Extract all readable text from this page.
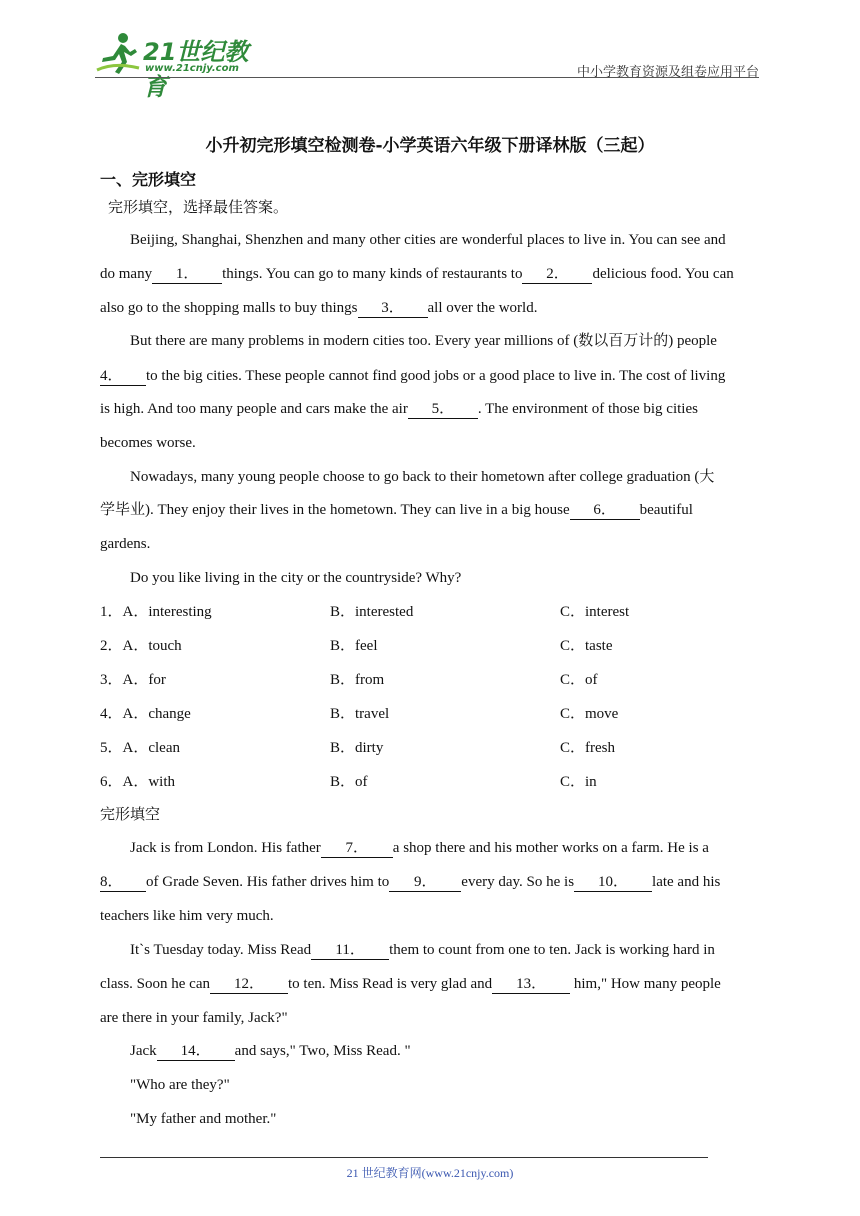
21世纪教育
www.21cnjy.com	中小学教育资源及组卷应用平台
小升初完形填空检测卷-小学英语六年级下册译林版（三起）
一、完形填空
完形填空，选择最佳答案。
Beijing, Shanghai, Shenzhen and many other cities are wonderful places to live in. You can see and
do many 1． things. You can go to many kinds of restaurants to 2． delicious food. You can
also go to the shopping malls to buy things 3． all over the world.
But there are many problems in modern cities too. Every year millions of (数以百万计的) people
4． to the big cities. These people cannot find good jobs or a good place to live in. The cost of living
is high. And too many people and cars make the air 5． . The environment of those big cities
becomes worse.
Nowadays, many young people choose to go back to their hometown after college graduation (大
学毕业). They enjoy their lives in the hometown. They can live in a big house 6． beautiful
gardens.
Do you like living in the city or the countryside? Why?
1．A．interesting	B．interested	C．interest
2．A．touch	B．feel	C．taste
3．A．for	B．from	C．of
4．A．change	B．travel	C．move
5．A．clean	B．dirty	C．fresh
6．A．with	B．of	C．in
完形填空
Jack is from London. His father 7． a shop there and his mother works on a farm. He is a
8． of Grade Seven. His father drives him to 9． every day. So he is 10． late and his
teachers like him very much.
It`s Tuesday today. Miss Read 11． them to count from one to ten. Jack is working hard in
class. Soon he can 12． to ten. Miss Read is very glad and 13． him," How many people
are there in your family, Jack?"
Jack 14． and says," Two, Miss Read. "
"Who are they?"
"My father and mother."
21 世纪教育网(www.21cnjy.com)
